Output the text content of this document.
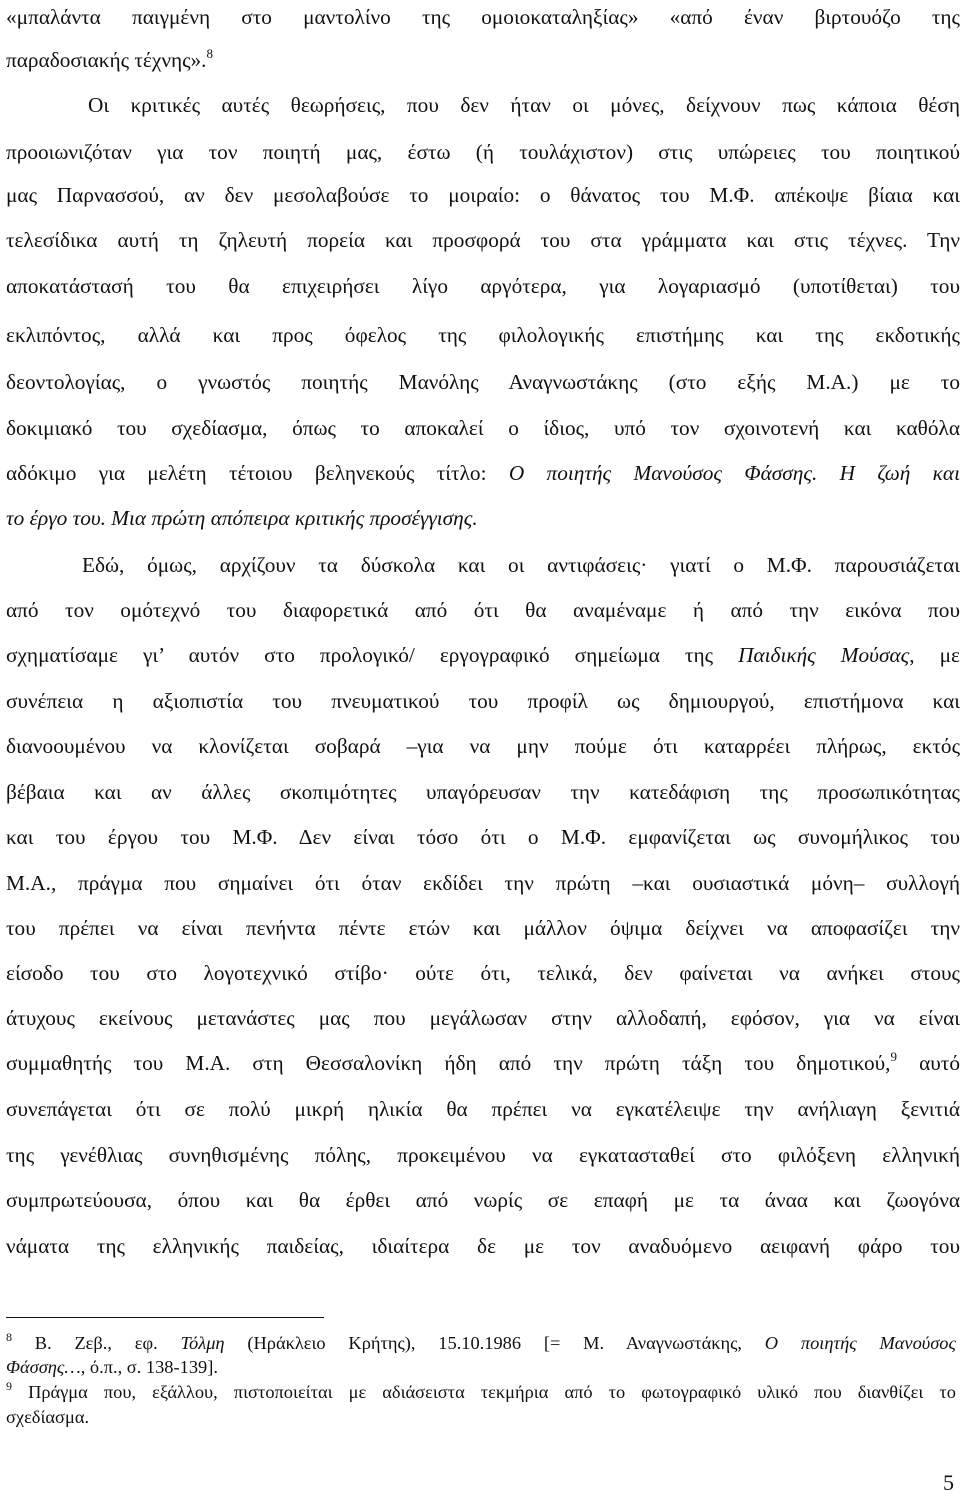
«μπαλάντα παιγμένη στο μαντολίνο της ομοιοκαταληξίας» «από έναν βιρτουόζο της
παραδοσιακής τέχνης».$^8$
Οι κριτικές αυτές θεωρήσεις, που δεν ήταν οι μόνες, δείχνουν πως κάποια θέση
προοιωνιζόταν για τον ποιητή μας, έστω (ή τουλάχιστον) στις υπώρειες του ποιητικού
μας Παρνασσού, αν δεν μεσολαβούσε το μοιραίο: ο θάνατος του Μ.Φ. απέκοψε βίαια και
τελεσίδικα αυτή τη ζηλευτή πορεία και προσφορά του στα γράμματα και στις τέχνες. Την
αποκατάστασή του θα επιχειρήσει λίγο αργότερα, για λογαριασμό (υποτίθεται) του
εκλιπόντος, αλλά και προς όφελος της φιλολογικής επιστήμης και της εκδοτικής
δεοντολογίας, ο γνωστός ποιητής Μανόλης Αναγνωστάκης (στο εξής Μ.Α.) με το
δοκιμιακό του σχεδίασμα, όπως το αποκαλεί ο ίδιος, υπό τον σχοινοτενή και καθόλα
αδόκιμο για μελέτη τέτοιου βεληνεκούς τίτλο: Ο ποιητής Μανούσος Φάσσης. Η ζωή και
το έργο του. Μια πρώτη απόπειρα κριτικής προσέγγισης.
Εδώ, όμως, αρχίζουν τα δύσκολα και οι αντιφάσεις· γιατί ο Μ.Φ. παρουσιάζεται
από τον ομότεχνό του διαφορετικά από ότι θα αναμέναμε ή από την εικόνα που
σχηματίσαμε γι’ αυτόν στο προλογικό/ εργογραφικό σημείωμα της Παιδικής Μούσας, με
συνέπεια η αξιοπιστία του πνευματικού του προφίλ ως δημιουργού, επιστήμονα και
διανοουμένου να κλονίζεται σοβαρά –για να μην πούμε ότι καταρρέει πλήρως, εκτός
βέβαια και αν άλλες σκοπιμότητες υπαγόρευσαν την κατεδάφιση της προσωπικότητας
και του έργου του Μ.Φ. Δεν είναι τόσο ότι ο Μ.Φ. εμφανίζεται ως συνομήλικος του
Μ.Α., πράγμα που σημαίνει ότι όταν εκδίδει την πρώτη –και ουσιαστικά μόνη– συλλογή
του πρέπει να είναι πενήντα πέντε ετών και μάλλον όψιμα δείχνει να αποφασίζει την
είσοδο του στο λογοτεχνικό στίβο· ούτε ότι, τελικά, δεν φαίνεται να ανήκει στους
άτυχους εκείνους μετανάστες μας που μεγάλωσαν στην αλλοδαπή, εφόσον, για να είναι
συμμαθητής του Μ.Α. στη Θεσσαλονίκη ήδη από την πρώτη τάξη του δημοτικού,$^9$ αυτό
συνεπάγεται ότι σε πολύ μικρή ηλικία θα πρέπει να εγκατέλειψε την ανήλιαγη ξενιτιά
της γενέθλιας συνηθισμένης πόλης, προκειμένου να εγκατασταθεί στο φιλόξενη ελληνική
συμπρωτεύουσα, όπου και θα έρθει από νωρίς σε επαφή με τα άναα και ζωογόνα
νάματα της ελληνικής παιδείας, ιδιαίτερα δε με τον αναδυόμενο αειφανή φάρο του
$^8$ Β. Ζεβ., εφ. Τόλμη (Ηράκλειο Κρήτης), 15.10.1986 [= Μ. Αναγνωστάκης, Ο ποιητής Μανούσος
Φάσσης…, ό.π., σ. 138-139].
$^9$ Πράγμα που, εξάλλου, πιστοποιείται με αδιάσειστα τεκμήρια από το φωτογραφικό υλικό που διανθίζει το
σχεδίασμα.
5
